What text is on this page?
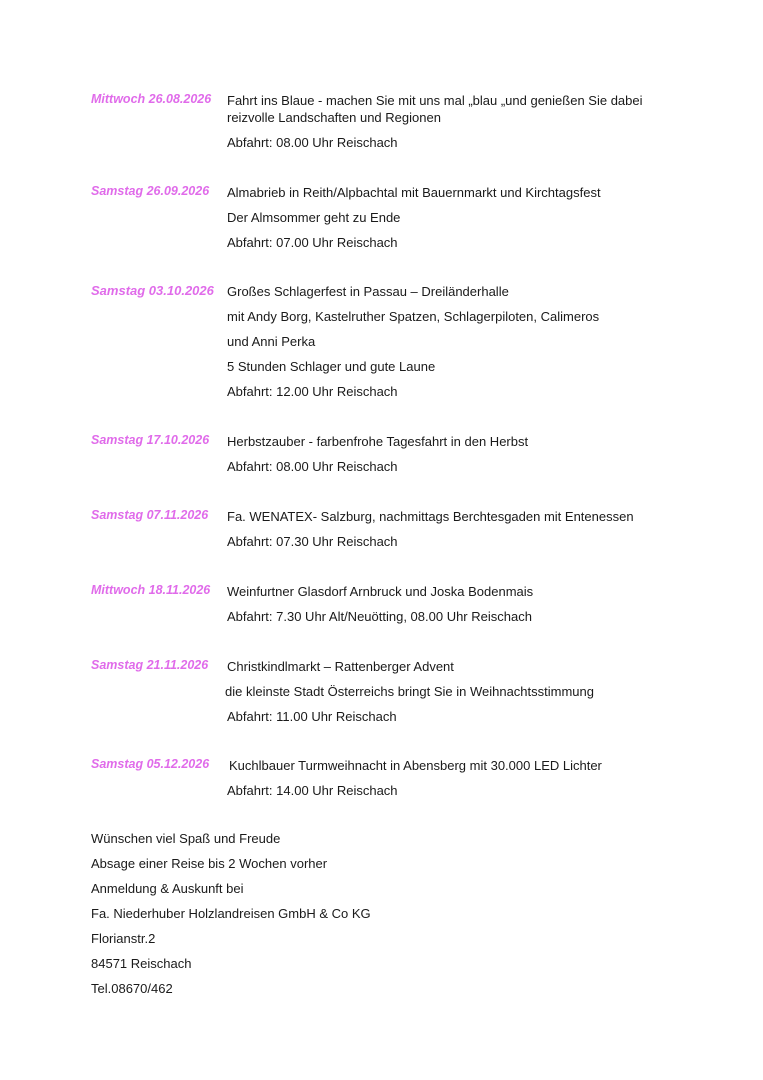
Mittwoch 26.08.2026 Fahrt ins Blaue - machen Sie mit uns mal „blau „und genießen Sie dabei reizvolle Landschaften und Regionen
Abfahrt: 08.00 Uhr Reischach
Samstag 26.09.2026 Almabrieb in Reith/Alpbachtal mit Bauernmarkt und Kirchtagsfest
Der Almsommer geht zu Ende
Abfahrt: 07.00 Uhr Reischach
Samstag 03.10.2026 Großes Schlagerfest in Passau – Dreiländerhalle
mit Andy Borg, Kastelruther Spatzen, Schlagerpiloten, Calimeros
und Anni Perka
5 Stunden Schlager und gute Laune
Abfahrt: 12.00 Uhr Reischach
Samstag 17.10.2026 Herbstzauber - farbenfrohe Tagesfahrt in den Herbst
Abfahrt: 08.00 Uhr Reischach
Samstag 07.11.2026 Fa. WENATEX- Salzburg, nachmittags Berchtesgaden mit Entenessen
Abfahrt: 07.30 Uhr Reischach
Mittwoch 18.11.2026 Weinfurtner Glasdorf Arnbruck und Joska Bodenmais
Abfahrt: 7.30 Uhr Alt/Neuötting, 08.00 Uhr Reischach
Samstag 21.11.2026 Christkindlmarkt – Rattenberger Advent
die kleinste Stadt Österreichs bringt Sie in Weihnachtsstimmung
Abfahrt: 11.00 Uhr Reischach
Samstag 05.12.2026 Kuchlbauer Turmweihnacht in Abensberg mit 30.000 LED Lichter
Abfahrt: 14.00 Uhr Reischach
Wünschen viel Spaß und Freude
Absage einer Reise bis 2 Wochen vorher
Anmeldung & Auskunft bei
Fa. Niederhuber Holzlandreisen GmbH & Co KG
Florianstr.2
84571 Reischach
Tel.08670/462
